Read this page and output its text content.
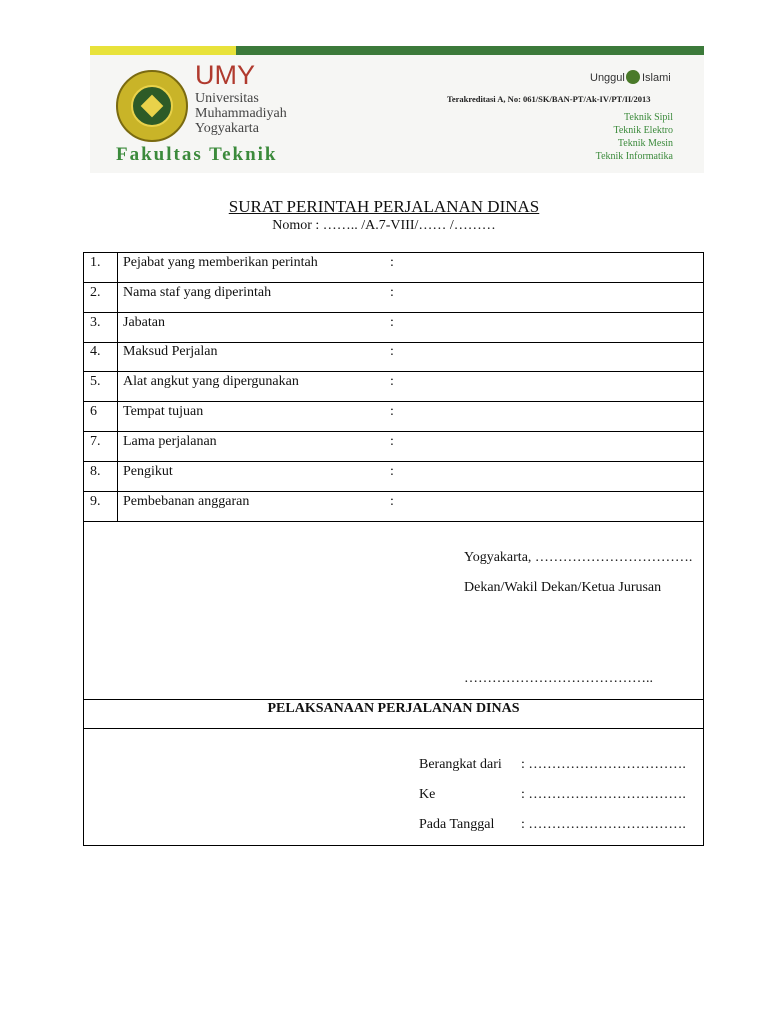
UMY
Universitas
Muhammadiyah
Yogyakarta
Fakultas Teknik
Unggul Islami
Terakreditasi A, No: 061/SK/BAN-PT/Ak-IV/PT/II/2013
Teknik Sipil
Teknik Elektro
Teknik Mesin
Teknik Informatika
SURAT PERINTAH PERJALANAN DINAS
Nomor : …….. /A.7-VIII/…… /………
1. Pejabat yang memberikan perintah	:
2. Nama staf yang diperintah	:
3. Jabatan	:
4. Maksud Perjalan	:
5. Alat angkut yang dipergunakan	:
6 Tempat tujuan	:
7. Lama perjalanan	:
8. Pengikut	:
9. Pembebanan anggaran	:
Yogyakarta, …………………………….
Dekan/Wakil Dekan/Ketua Jurusan
…………………………………..
PELAKSANAAN PERJALANAN DINAS
Berangkat dari : …………………………….
Ke	: …………………………….
Pada Tanggal : …………………………….
